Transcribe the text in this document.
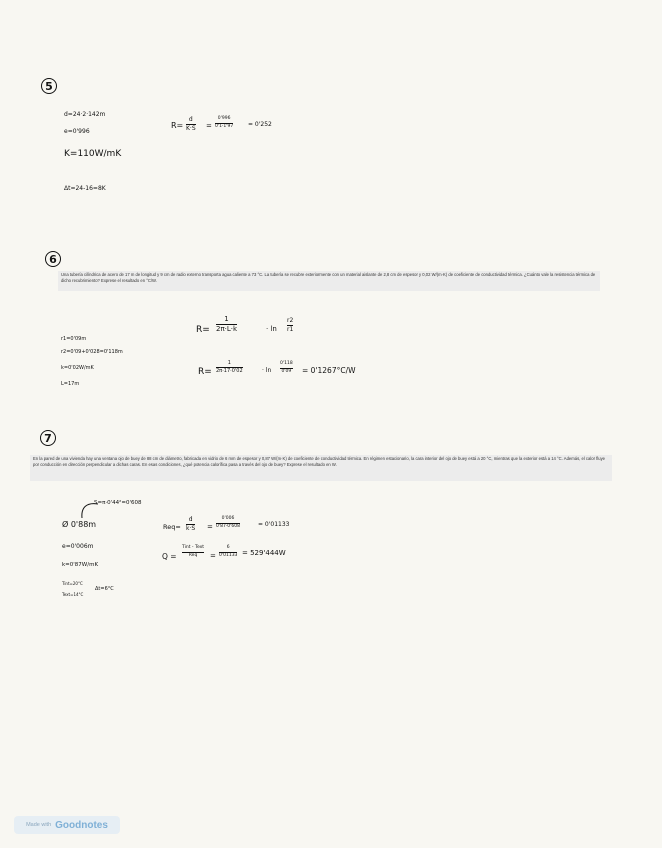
5
d=24·2·142m
e=0'996
K=110W/mK
Δt=24-16=8K
R=
d
K·S =
0'996
0'1·1'97 = 0'252
6
Una tubería cilíndrica de acero de 17 m de longitud y 9 cm de radio externo transporta agua caliente a 73 °C. La tubería se recubre exteriormente con un material aislante de 2,8 cm de espesor y 0,02 W/(m·K) de coeficiente de conductividad térmica. ¿Cuánto vale la resistencia térmica de dicho recubrimiento? Exprese el resultado en °C/W.
r1=0'09m
r2=0'09+0'028=0'118m
k=0'02W/mK
L=17m
R=
1
2π·L·k	· ln
r2
r1
R=
1
2π·17·0'02	· ln
0'118
0'09 = 0'1267°C/W
7
En la pared de una vivienda hay una ventana ojo de buey de 88 cm de diámetro, fabricada en vidrio de 6 mm de espesor y 0,87 W/(m·K) de coeficiente de conductividad térmica. En régimen estacionario, la cara interior del ojo de buey está a 20 °C, mientras que la exterior está a 14 °C. Además, el calor fluye por conducción en dirección perpendicular a dichas caras. En esas condiciones, ¿qué potencia calorífica pasa a través del ojo de buey? Exprese el resultado en W.
S=π·0'44²=0'608
Ø 0'88m
e=0'006m
k=0'87W/mK
Tint=20°C
Text=14°C
Δt=6°C
Req=
d
k·S =
0'006
0'87·0'608	= 0'01133
Q =
Tint - Text
Req =
6
0'01133 = 529'444W
Made with Goodnotes
